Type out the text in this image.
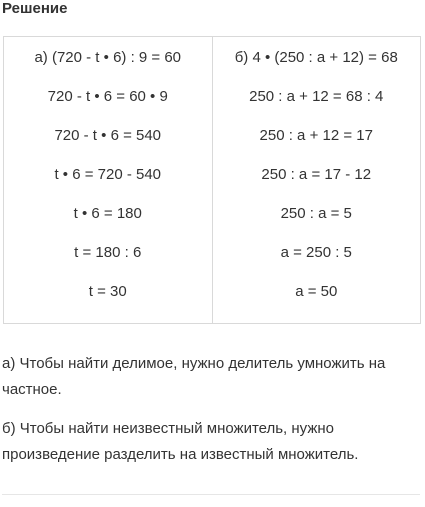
Решение
а) (720 - t • 6) : 9 = 60
720 - t • 6 = 60 • 9
720 - t • 6 = 540
t • 6 = 720 - 540
t • 6 = 180
t = 180 : 6
t = 30
б) 4 • (250 : a + 12) = 68
250 : a + 12 = 68 : 4
250 : a + 12 = 17
250 : a = 17 - 12
250 : a = 5
a = 250 : 5
a = 50
а) Чтобы найти делимое, нужно делитель умножить на частное.
б) Чтобы найти неизвестный множитель, нужно произведение разделить на известный множитель.
